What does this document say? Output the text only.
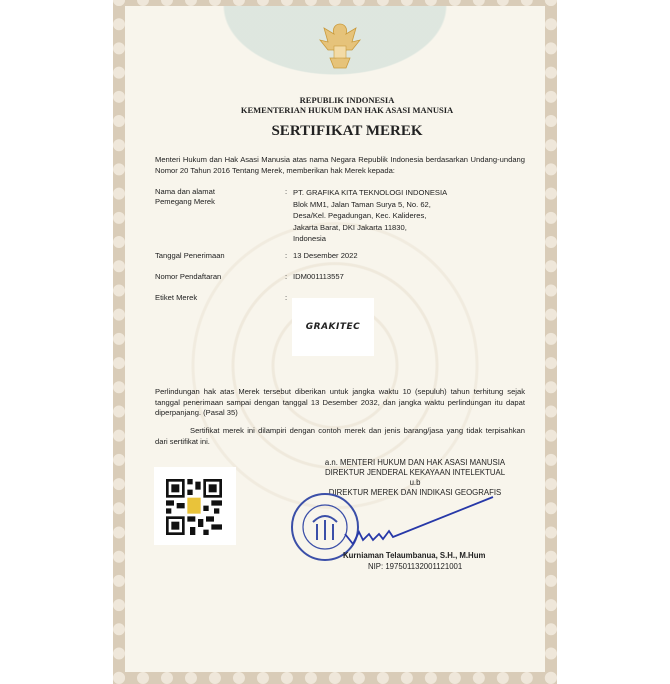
REPUBLIK INDONESIA
KEMENTERIAN HUKUM DAN HAK ASASI MANUSIA
SERTIFIKAT MEREK
Menteri Hukum dan Hak Asasi Manusia atas nama Negara Republik Indonesia berdasarkan Undang-undang Nomor 20 Tahun 2016 Tentang Merek, memberikan hak Merek kepada:
Nama dan alamat
Pemegang Merek
: PT. GRAFIKA KITA TEKNOLOGI INDONESIA
Blok MM1, Jalan Taman Surya 5, No. 62,
Desa/Kel. Pegadungan, Kec. Kalideres,
Jakarta Barat, DKI Jakarta 11830,
Indonesia
Tanggal Penerimaan	: 13 Desember 2022
Nomor Pendaftaran	: IDM001113557
Etiket Merek	:
GRAKITEC
Perlindungan hak atas Merek tersebut diberikan untuk jangka waktu 10 (sepuluh) tahun terhitung sejak tanggal penerimaan sampai dengan tanggal 13 Desember 2032, dan jangka waktu perlindungan itu dapat diperpanjang. (Pasal 35)
Sertifikat merek ini dilampiri dengan contoh merek dan jenis barang/jasa yang tidak terpisahkan dari sertifikat ini.
a.n. MENTERI HUKUM DAN HAK ASASI MANUSIA
DIREKTUR JENDERAL KEKAYAAN INTELEKTUAL
u.b
DIREKTUR MEREK DAN INDIKASI GEOGRAFIS
Kurniaman Telaumbanua, S.H., M.Hum
NIP: 197501132001121001
